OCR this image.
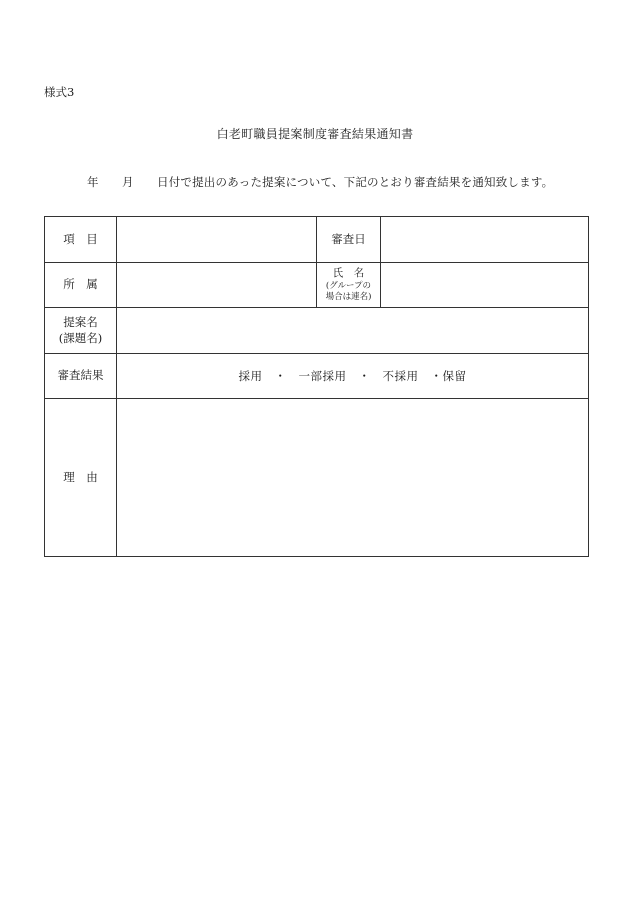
様式3
白老町職員提案制度審査結果通知書
年 月 日付で提出のあった提案について、下記のとおり審査結果を通知致します。
項　目		審査日	
所　属		氏　名
(グループの
場合は連名)	

提案名
(課題名)			

審査結果	採用　・　一部採用　・　不採用　・保留		
理　由			
